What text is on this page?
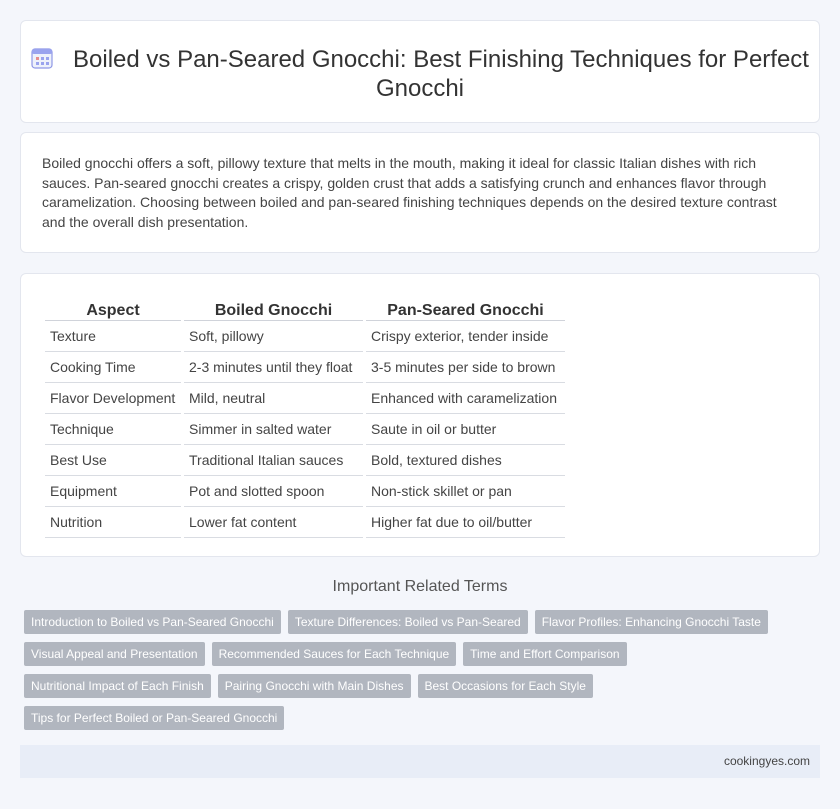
Boiled vs Pan-Seared Gnocchi: Best Finishing Techniques for Perfect Gnocchi

Boiled gnocchi offers a soft, pillowy texture that melts in the mouth, making it ideal for classic Italian dishes with rich sauces. Pan-seared gnocchi creates a crispy, golden crust that adds a satisfying crunch and enhances flavor through caramelization. Choosing between boiled and pan-seared finishing techniques depends on the desired texture contrast and the overall dish presentation.

Aspect	Boiled Gnocchi	Pan-Seared Gnocchi
Texture	Soft, pillowy	Crispy exterior, tender inside
Cooking Time	2-3 minutes until they float	3-5 minutes per side to brown
Flavor Development	Mild, neutral	Enhanced with caramelization
Technique	Simmer in salted water	Saute in oil or butter
Best Use	Traditional Italian sauces	Bold, textured dishes
Equipment	Pot and slotted spoon	Non-stick skillet or pan
Nutrition	Lower fat content	Higher fat due to oil/butter
Important Related Terms
Introduction to Boiled vs Pan-Seared Gnocchi	Texture Differences: Boiled vs Pan-Seared	Flavor Profiles: Enhancing Gnocchi Taste
Visual Appeal and Presentation	Recommended Sauces for Each Technique	Time and Effort Comparison
Nutritional Impact of Each Finish	Pairing Gnocchi with Main Dishes	Best Occasions for Each Style
Tips for Perfect Boiled or Pan-Seared Gnocchi
cookingyes.com
